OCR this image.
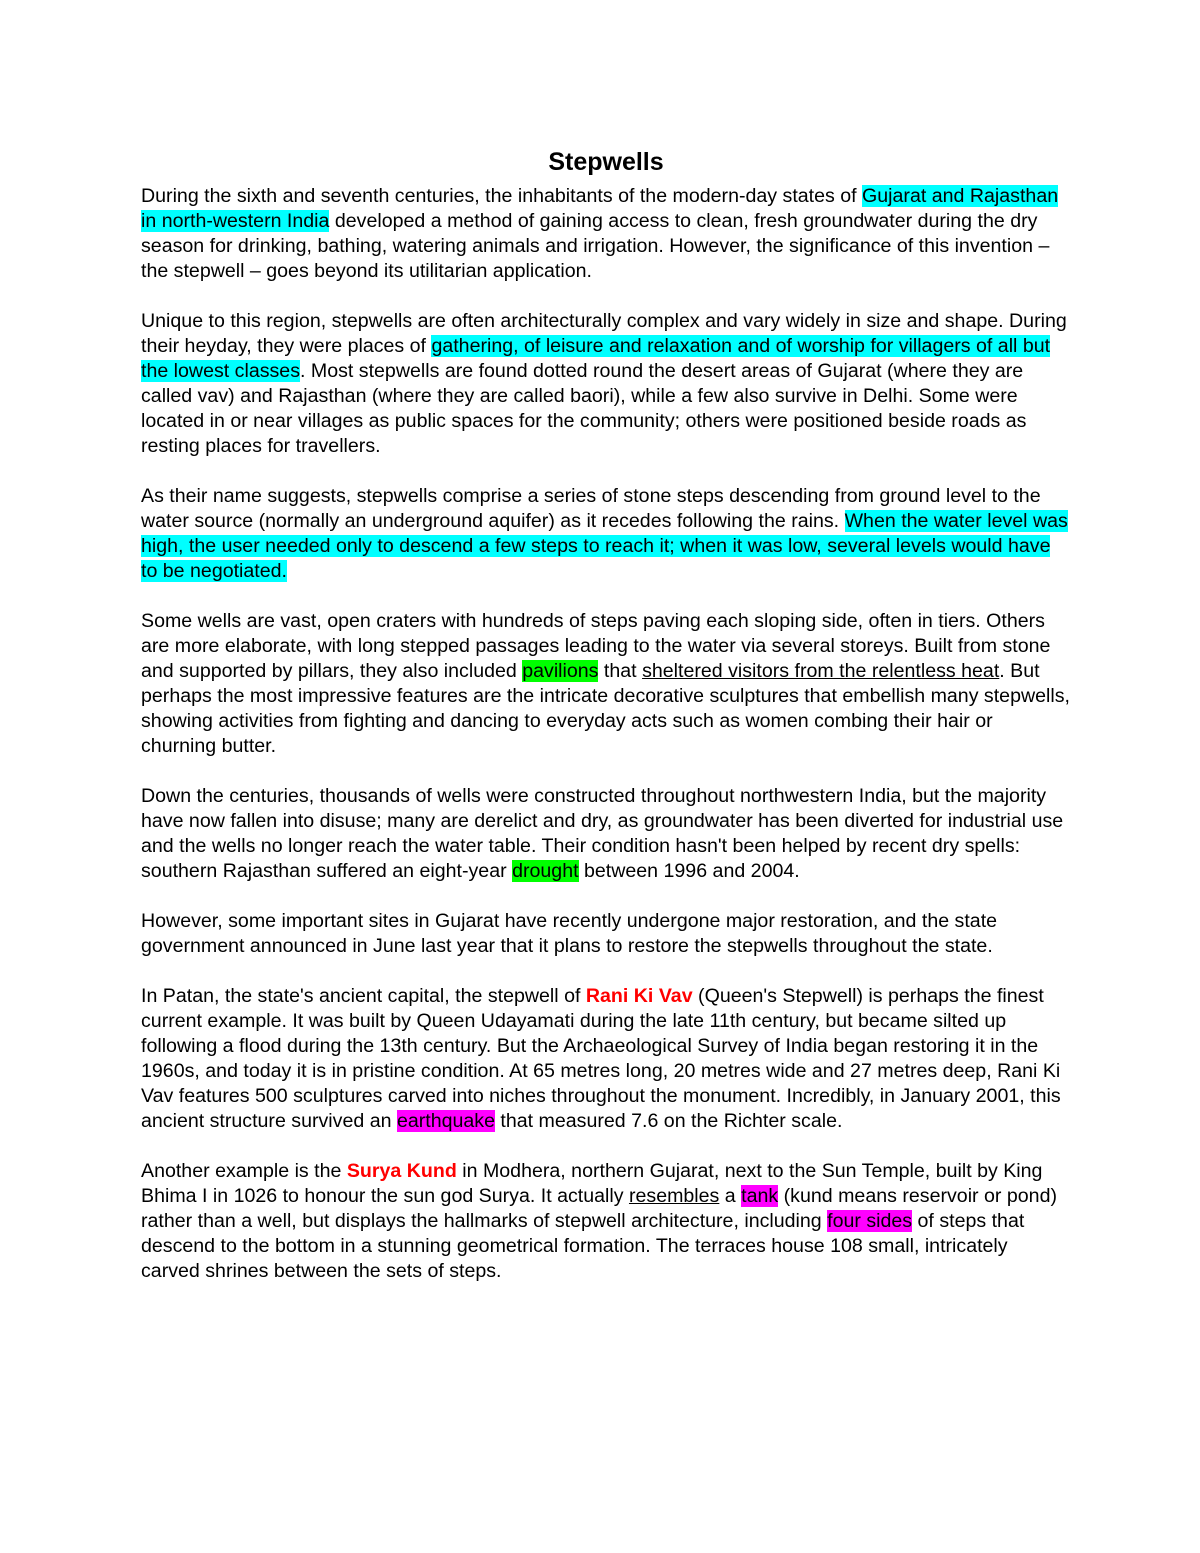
Stepwells

During the sixth and seventh centuries, the inhabitants of the modern-day states of Gujarat and Rajasthan in north-western India developed a method of gaining access to clean, fresh groundwater during the dry season for drinking, bathing, watering animals and irrigation. However, the significance of this invention – the stepwell – goes beyond its utilitarian application.

Unique to this region, stepwells are often architecturally complex and vary widely in size and shape. During their heyday, they were places of gathering, of leisure and relaxation and of worship for villagers of all but the lowest classes. Most stepwells are found dotted round the desert areas of Gujarat (where they are called vav) and Rajasthan (where they are called baori), while a few also survive in Delhi. Some were located in or near villages as public spaces for the community; others were positioned beside roads as resting places for travellers.

As their name suggests, stepwells comprise a series of stone steps descending from ground level to the water source (normally an underground aquifer) as it recedes following the rains. When the water level was high, the user needed only to descend a few steps to reach it; when it was low, several levels would have to be negotiated.

Some wells are vast, open craters with hundreds of steps paving each sloping side, often in tiers. Others are more elaborate, with long stepped passages leading to the water via several storeys. Built from stone and supported by pillars, they also included pavilions that sheltered visitors from the relentless heat. But perhaps the most impressive features are the intricate decorative sculptures that embellish many stepwells, showing activities from fighting and dancing to everyday acts such as women combing their hair or churning butter.

Down the centuries, thousands of wells were constructed throughout northwestern India, but the majority have now fallen into disuse; many are derelict and dry, as groundwater has been diverted for industrial use and the wells no longer reach the water table. Their condition hasn't been helped by recent dry spells: southern Rajasthan suffered an eight-year drought between 1996 and 2004.

However, some important sites in Gujarat have recently undergone major restoration, and the state government announced in June last year that it plans to restore the stepwells throughout the state.

In Patan, the state's ancient capital, the stepwell of Rani Ki Vav (Queen's Stepwell) is perhaps the finest current example. It was built by Queen Udayamati during the late 11th century, but became silted up following a flood during the 13th century. But the Archaeological Survey of India began restoring it in the 1960s, and today it is in pristine condition. At 65 metres long, 20 metres wide and 27 metres deep, Rani Ki Vav features 500 sculptures carved into niches throughout the monument. Incredibly, in January 2001, this ancient structure survived an earthquake that measured 7.6 on the Richter scale.

Another example is the Surya Kund in Modhera, northern Gujarat, next to the Sun Temple, built by King Bhima I in 1026 to honour the sun god Surya. It actually resembles a tank (kund means reservoir or pond) rather than a well, but displays the hallmarks of stepwell architecture, including four sides of steps that descend to the bottom in a stunning geometrical formation. The terraces house 108 small, intricately carved shrines between the sets of steps.
